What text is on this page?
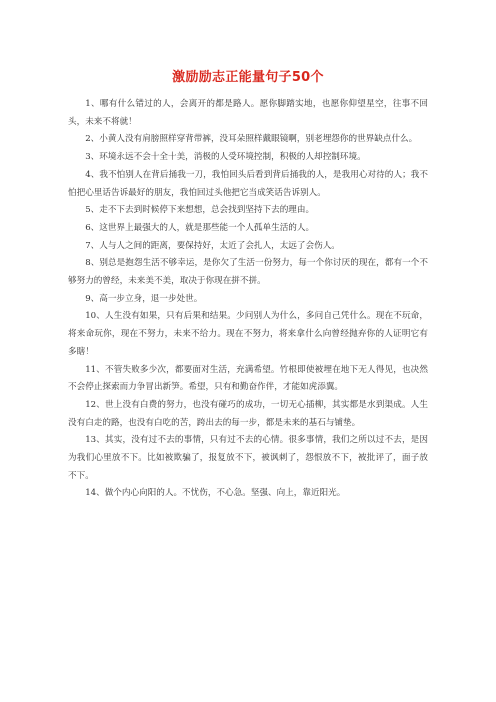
激励励志正能量句子50个

1、哪有什么错过的人，会离开的都是路人。愿你脚踏实地，也愿你仰望星空，往事不回头，未来不将就！

2、小黄人没有肩膀照样穿背带裤，没耳朵照样戴眼镜啊，别老埋怨你的世界缺点什么。

3、环境永远不会十全十美，消极的人受环境控制，积极的人却控制环境。

4、我不怕别人在背后捅我一刀，我怕回头后看到背后捅我的人，是我用心对待的人；我不怕把心里话告诉最好的朋友，我怕回过头他把它当成笑话告诉别人。

5、走不下去到时候停下来想想，总会找到坚持下去的理由。

6、这世界上最强大的人，就是那些能一个人孤单生活的人。

7、人与人之间的距离，要保持好，太近了会扎人，太远了会伤人。

8、别总是抱怨生活不够幸运，是你欠了生活一份努力，每一个你讨厌的现在，都有一个不够努力的曾经，未来美不美，取决于你现在拼不拼。

9、高一步立身，退一步处世。

10、人生没有如果，只有后果和结果。少问别人为什么，多问自己凭什么。现在不玩命，将来命玩你，现在不努力，未来不给力。现在不努力，将来拿什么向曾经抛弃你的人证明它有多瞎！

11、不管失败多少次，都要面对生活，充满希望。竹根即使被埋在地下无人得见，也决然不会停止探索而力争冒出新笋。希望，只有和勤奋作伴，才能如虎添翼。

12、世上没有白费的努力，也没有碰巧的成功，一切无心插柳，其实都是水到渠成。人生没有白走的路，也没有白吃的苦，跨出去的每一步，都是未来的基石与铺垫。

13、其实，没有过不去的事情，只有过不去的心情。很多事情，我们之所以过不去，是因为我们心里放不下。比如被欺骗了，报复放不下，被讽刺了，怨恨放不下，被批评了，面子放不下。

14、做个内心向阳的人。不忧伤，不心急。坚强、向上，靠近阳光。
